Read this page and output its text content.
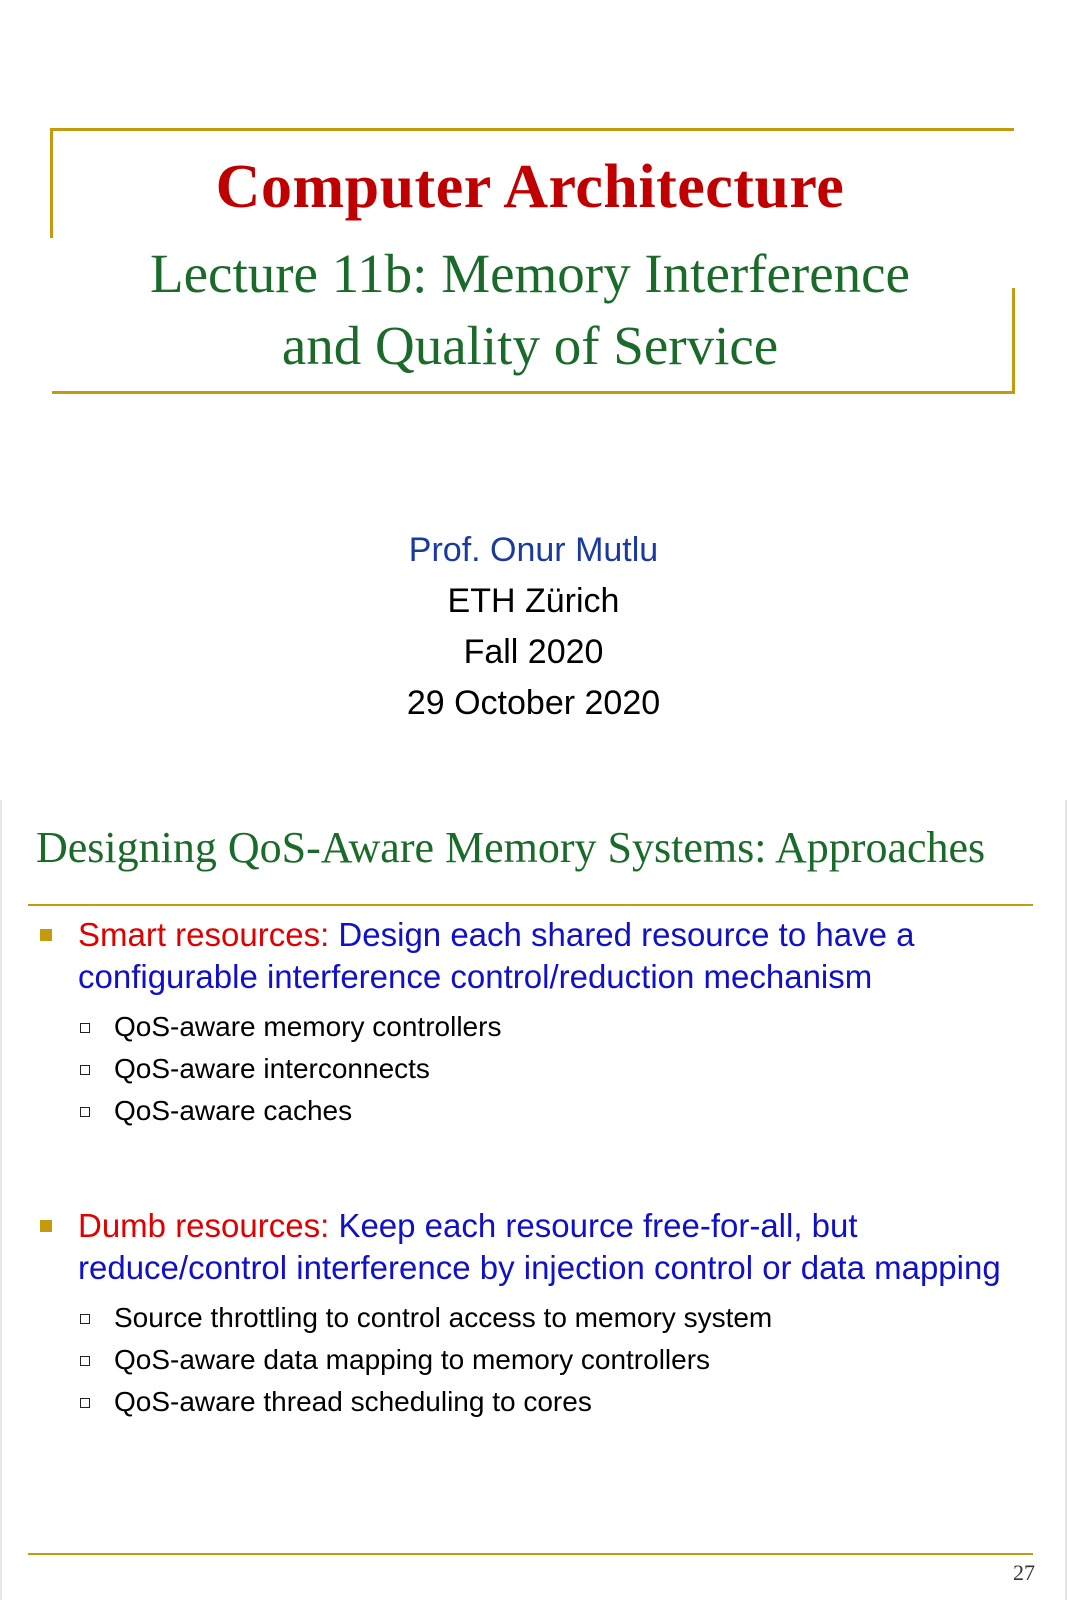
Computer Architecture
Lecture 11b: Memory Interference
and Quality of Service
Prof. Onur Mutlu
ETH Zürich
Fall 2020
29 October 2020
Designing QoS-Aware Memory Systems: Approaches
Smart resources: Design each shared resource to have a configurable interference control/reduction mechanism
QoS-aware memory controllers
QoS-aware interconnects
QoS-aware caches
Dumb resources: Keep each resource free-for-all, but reduce/control interference by injection control or data mapping
Source throttling to control access to memory system
QoS-aware data mapping to memory controllers
QoS-aware thread scheduling to cores
27
